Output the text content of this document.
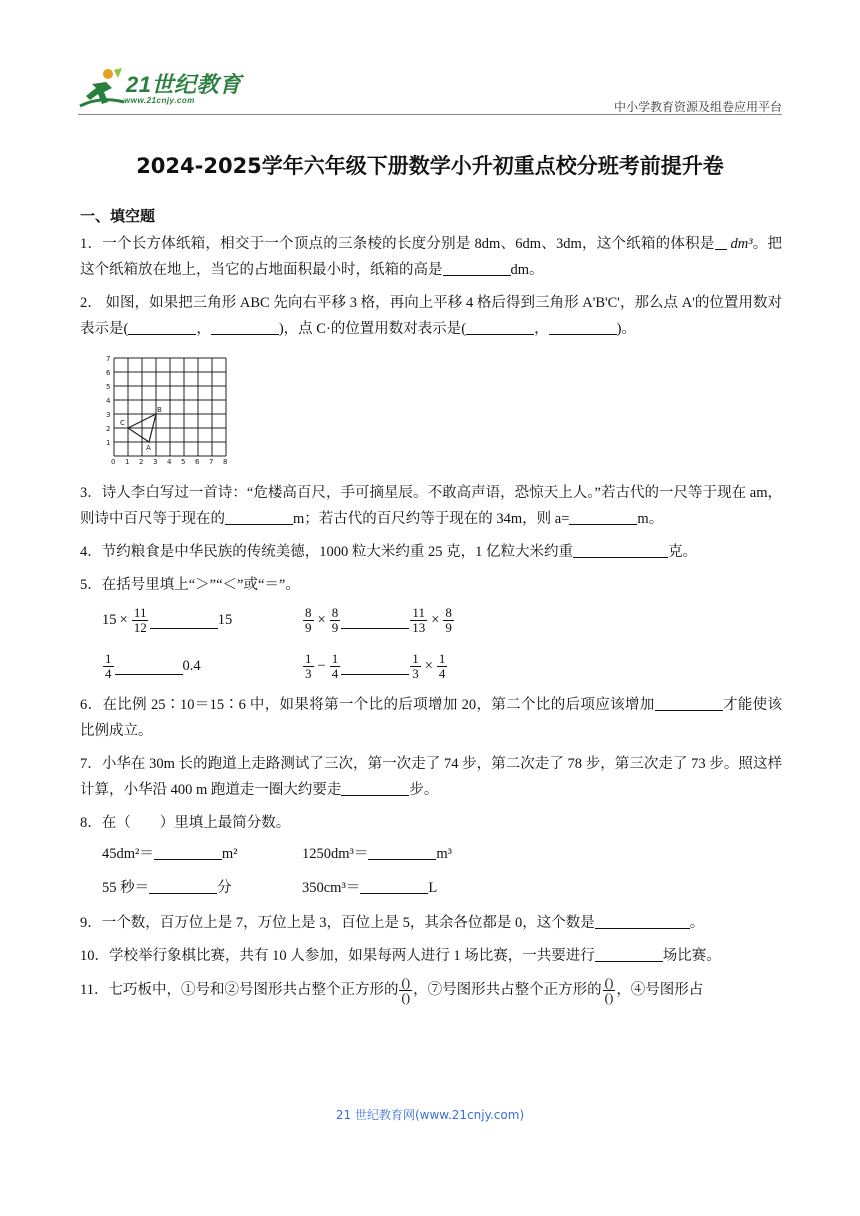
21世纪教育
www.21cnjy.com	中小学教育资源及组卷应用平台
2024-2025学年六年级下册数学小升初重点校分班考前提升卷
一、填空题

1．一个长方体纸箱，相交于一个顶点的三条棱的长度分别是 8dm、6dm、3dm，这个纸箱的体积是 dm³。把这个纸箱放在地上，当它的占地面积最小时，纸箱的高是	dm。

2． 如图，如果把三角形 ABC 先向右平移 3 格，再向上平移 4 格后得到三角形 A'B'C'，那么点 A'的位置用数对表示是(	，	)，点 C·的位置用数对表示是(	，	)。

0 1 2 3 4 5 6 7 8
1
2
3
4
5
6
7
C
B
A

3．诗人李白写过一首诗：“危楼高百尺，手可摘星辰。不敢高声语，恐惊天上人。”若古代的一尺等于现在 am，则诗中百尺等于现在的	m；若古代的百尺约等于现在的 34m，则 a=	m。

4．节约粮食是中华民族的传统美德，1000 粒大米约重 25 克，1 亿粒大米约重	克。

5．在括号里填上“＞”“＜”或“＝”。

$15 \times \frac{11}{12}$	15	$\frac{8}{9} \times \frac{8}{9}$	$\frac{11}{13} \times \frac{8}{9}$
$\frac{1}{4}$	0.4	$\frac{1}{3} - \frac{1}{4}$	$\frac{1}{3} \times \frac{1}{4}$

6．在比例 25∶10＝15∶6 中，如果将第一个比的后项增加 20，第二个比的后项应该增加	才能使该比例成立。

7．小华在 30m 长的跑道上走路测试了三次，第一次走了 74 步，第二次走了 78 步，第三次走了 73 步。照这样计算，小华沿 400 m 跑道走一圈大约要走	步。

8．在（　　）里填上最简分数。

45dm²＝	m²	1250dm³＝	m³
55 秒＝	分	350cm³＝	L

9．一个数，百万位上是 7，万位上是 3，百位上是 5，其余各位都是 0，这个数是	。

10．学校举行象棋比赛，共有 10 人参加，如果每两人进行 1 场比赛，一共要进行	场比赛。

11．七巧板中，①号和②号图形共占整个正方形的 $\frac{()}{()}$ ，⑦号图形共占整个正方形的 $\frac{()}{()}$ ，④号图形占

21 世纪教育网(www.21cnjy.com)
